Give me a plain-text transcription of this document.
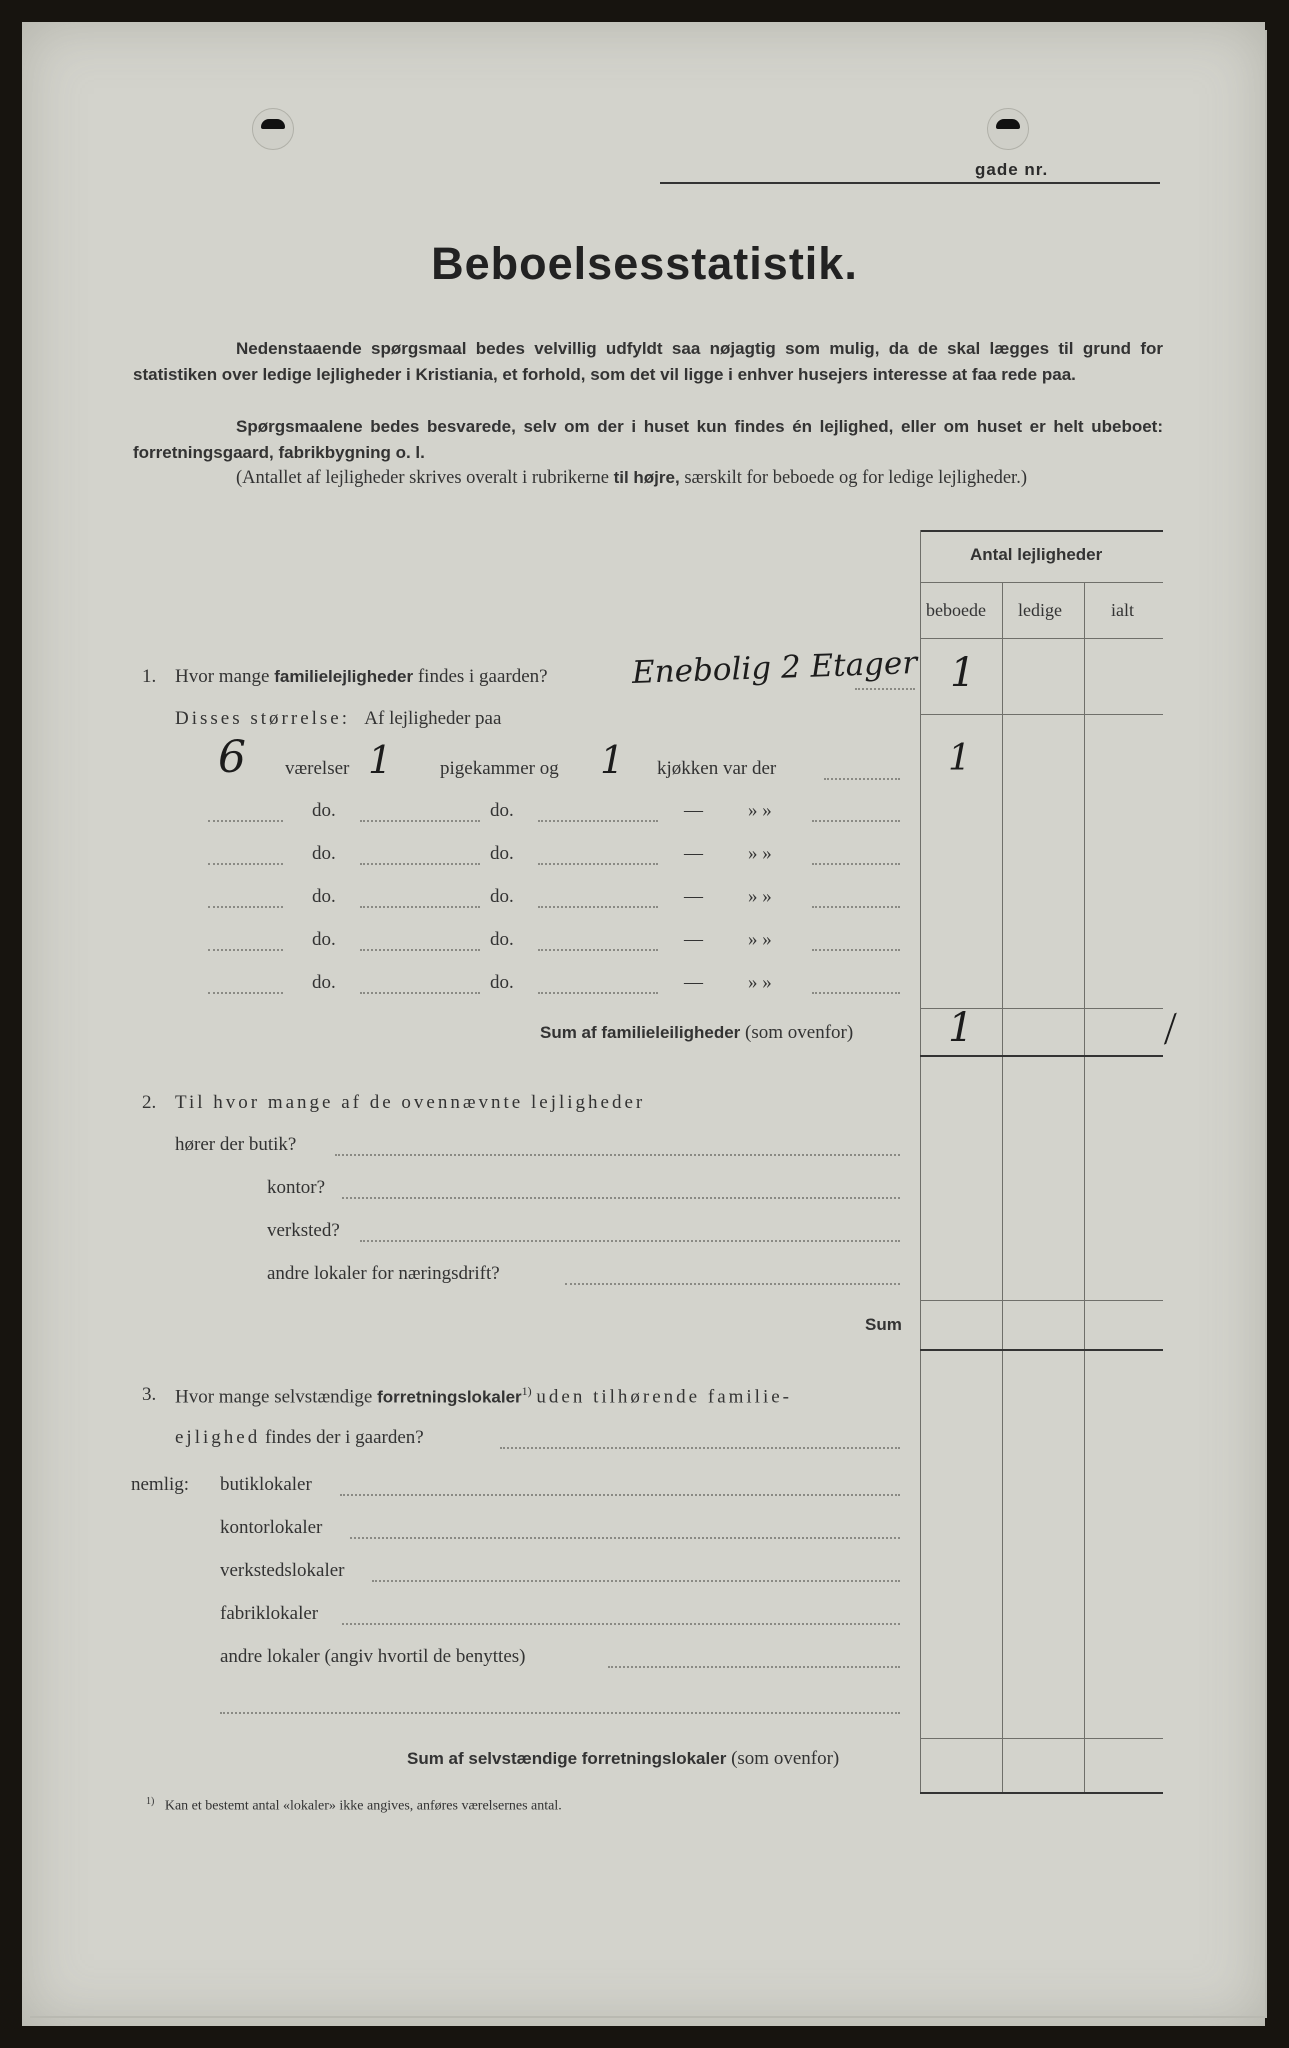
gade nr.
Beboelsesstatistik.
Nedenstaaende spørgsmaal bedes velvillig udfyldt saa nøjagtig som mulig, da de skal lægges til grund for statistiken over ledige lejligheder i Kristiania, et forhold, som det vil ligge i enhver husejers interesse at faa rede paa.
Spørgsmaalene bedes besvarede, selv om der i huset kun findes én lejlighed, eller om huset er helt ubeboet: forretningsgaard, fabrikbygning o. l.
(Antallet af lejligheder skrives overalt i rubrikerne til højre, særskilt for beboede og for ledige lejligheder.)
Antal lejligheder
beboede ledige	ialt
1. Hvor mange familielejligheder findes i gaarden?	Enebolig 2 Etager 1
Disses størrelse: Af lejligheder paa
6 værelser 1	pigekammer og 1 kjøkken var der	1
do.	do.	— » »
do.	do.	— » »
do.	do.	— » »
do.	do.	— » »
do.	do.	— » »
Sum af familieleiligheder (som ovenfor) 1	⁄
2. Til hvor mange af de ovennævnte lejligheder
hører der butik?
kontor?
verksted?
andre lokaler for næringsdrift?
Sum
3. Hvor mange selvstændige forretningslokaler$^{1)}$ uden tilhørende familie-
ejlighed findes der i gaarden?
nemlig: butiklokaler
kontorlokaler
verkstedslokaler
fabriklokaler
andre lokaler (angiv hvortil de benyttes)
Sum af selvstændige forretningslokaler (som ovenfor)
$^{1)}$ Kan et bestemt antal «lokaler» ikke angives, anføres værelsernes antal.
